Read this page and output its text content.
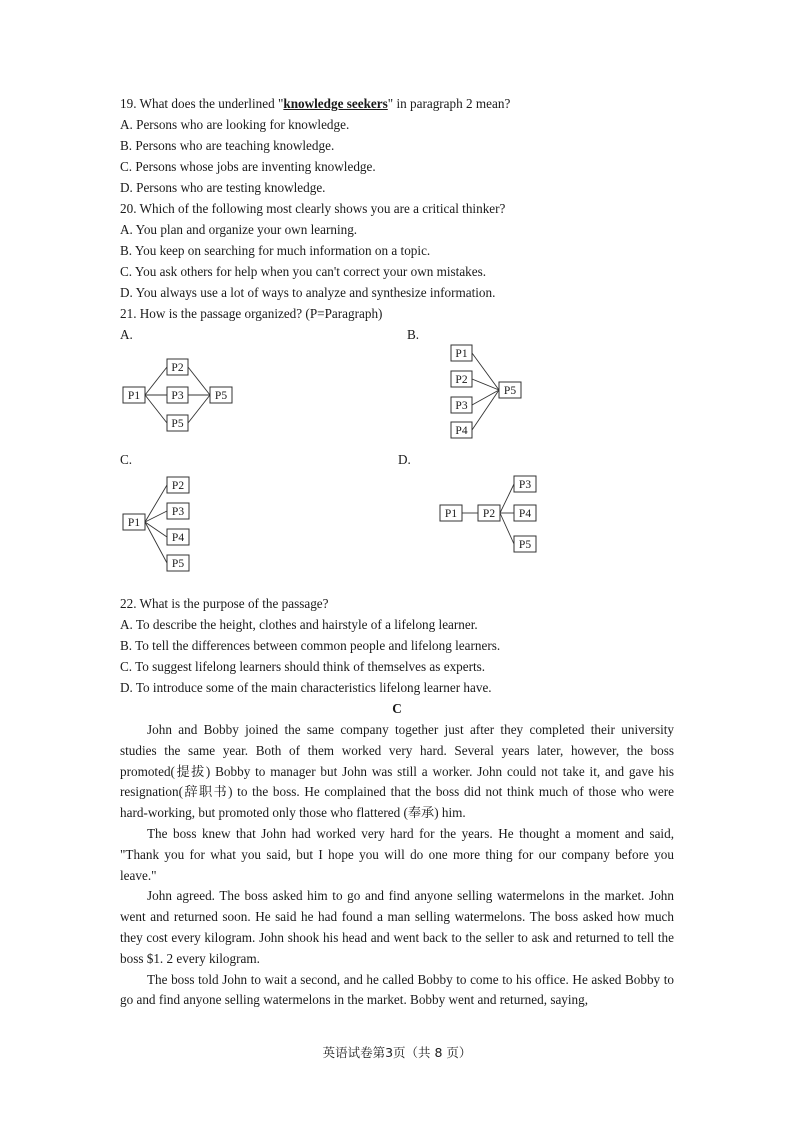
19. What does the underlined "knowledge seekers" in paragraph 2 mean?
A. Persons who are looking for knowledge.
B. Persons who are teaching knowledge.
C. Persons whose jobs are inventing knowledge.
D. Persons who are testing knowledge.
20. Which of the following most clearly shows you are a critical thinker?
A. You plan and organize your own learning.
B. You keep on searching for much information on a topic.
C. You ask others for help when you can't correct your own mistakes.
D. You always use a lot of ways to analyze and synthesize information.
21. How is the passage organized? (P=Paragraph)
A.	B.
P1
P2
P3
P5
P5
P1
P2
P3
P4
P5
C.	D.
P1
P2
P3
P4
P5
P1 P2
P3
P4
P5
22. What is the purpose of the passage?
A. To describe the height, clothes and hairstyle of a lifelong learner.
B. To tell the differences between common people and lifelong learners.
C. To suggest lifelong learners should think of themselves as experts.
D. To introduce some of the main characteristics lifelong learner have.
C

John and Bobby joined the same company together just after they completed their university studies the same year. Both of them worked very hard. Several years later, however, the boss promoted(提拔) Bobby to manager but John was still a worker. John could not take it, and gave his resignation(辞职书) to the boss. He complained that the boss did not think much of those who were hard-working, but promoted only those who flattered (奉承) him.

The boss knew that John had worked very hard for the years. He thought a moment and said, "Thank you for what you said, but I hope you will do one more thing for our company before you leave."

John agreed. The boss asked him to go and find anyone selling watermelons in the market. John went and returned soon. He said he had found a man selling watermelons. The boss asked how much they cost every kilogram. John shook his head and went back to the seller to ask and returned to tell the boss $1. 2 every kilogram.

The boss told John to wait a second, and he called Bobby to come to his office. He asked Bobby to go and find anyone selling watermelons in the market. Bobby went and returned, saying,

英语试卷第3页（共 8 页）
